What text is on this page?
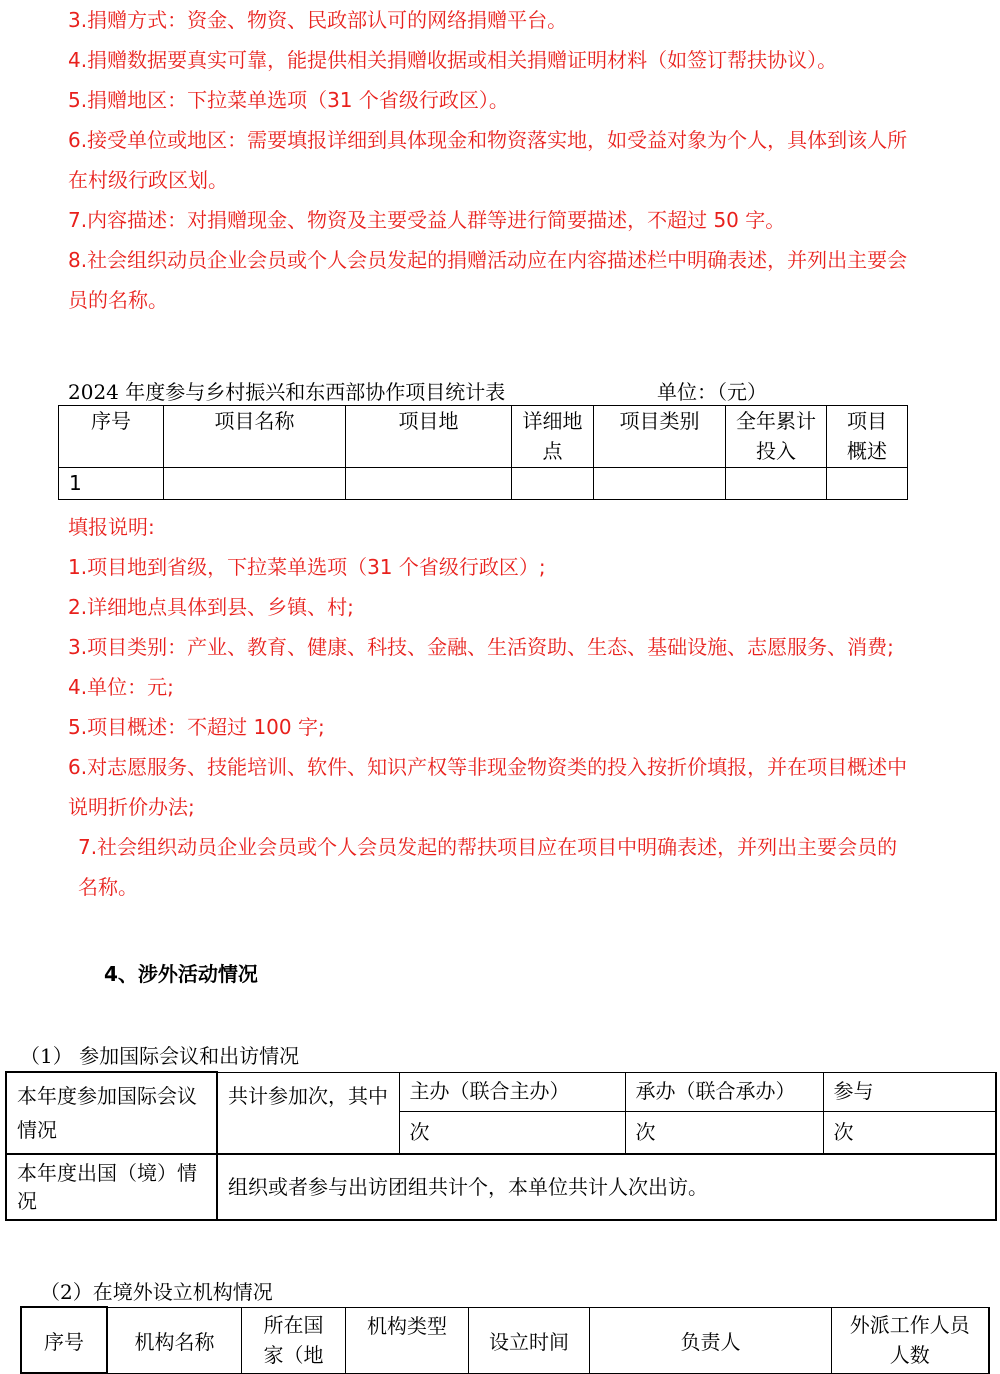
3.捐赠方式：资金、物资、民政部认可的网络捐赠平台。

4.捐赠数据要真实可靠，能提供相关捐赠收据或相关捐赠证明材料（如签订帮扶协议）。

5.捐赠地区：下拉菜单选项（31 个省级行政区）。

6.接受单位或地区：需要填报详细到具体现金和物资落实地，如受益对象为个人，具体到该人所在村级行政区划。

7.内容描述：对捐赠现金、物资及主要受益人群等进行简要描述，不超过 50 字。

8.社会组织动员企业会员或个人会员发起的捐赠活动应在内容描述栏中明确表述，并列出主要会员的名称。

2024 年度参与乡村振兴和东西部协作项目统计表	单位：（元）
序号	项目名称	项目地	详细地点	项目类别	全年累计投入	项目概述
1						

填报说明:

1.项目地到省级，下拉菜单选项（31 个省级行政区）;

2.详细地点具体到县、乡镇、村;

3.项目类别：产业、教育、健康、科技、金融、生活资助、生态、基础设施、志愿服务、消费;

4.单位：元;

5.项目概述：不超过 100 字;

6.对志愿服务、技能培训、软件、知识产权等非现金物资类的投入按折价填报，并在项目概述中说明折价办法;

7.社会组织动员企业会员或个人会员发起的帮扶项目应在项目中明确表述，并列出主要会员的名称。

4、涉外活动情况
（1） 参加国际会议和出访情况
本年度参加国际会议情况	共计参加次，其中	主办（联合主办）	承办（联合承办）	参与
		次	次	次
本年度出国（境）情况	组织或者参与出访团组共计个，本单位共计人次出访。			
（2）在境外设立机构情况
序号	机构名称	所在国家（地	机构类型	设立时间	负责人	外派工作人员人数
